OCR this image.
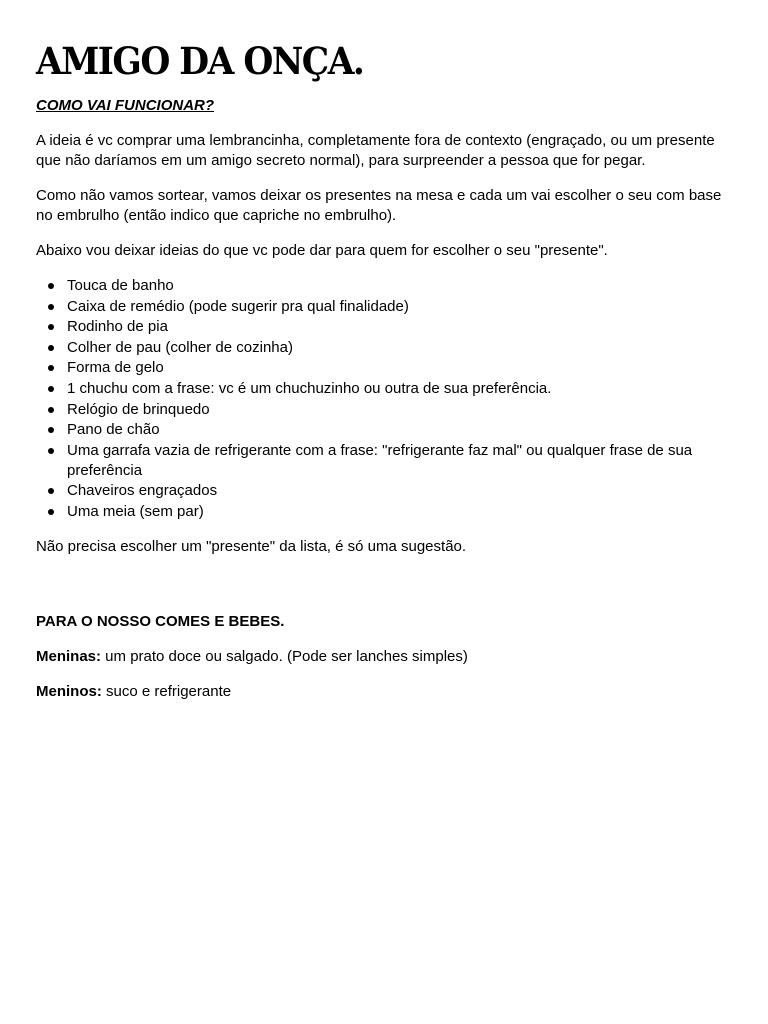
AMIGO DA ONÇA.
COMO VAI FUNCIONAR?

A ideia é vc comprar uma lembrancinha, completamente fora de contexto (engraçado, ou um presente que não daríamos em um amigo secreto normal), para surpreender a pessoa que for pegar.

Como não vamos sortear, vamos deixar os presentes na mesa e cada um vai escolher o seu com base no embrulho (então indico que capriche no embrulho).

Abaixo vou deixar ideias do que vc pode dar para quem for escolher o seu "presente".

Touca de banho
Caixa de remédio (pode sugerir pra qual finalidade)
Rodinho de pia
Colher de pau (colher de cozinha)
Forma de gelo
1 chuchu com a frase: vc é um chuchuzinho ou outra de sua preferência.
Relógio de brinquedo
Pano de chão
Uma garrafa vazia de refrigerante com a frase: "refrigerante faz mal" ou qualquer frase de sua preferência
Chaveiros engraçados
Uma meia (sem par)

Não precisa escolher um "presente" da lista, é só uma sugestão.

PARA O NOSSO COMES E BEBES.

Meninas: um prato doce ou salgado. (Pode ser lanches simples)

Meninos: suco e refrigerante
